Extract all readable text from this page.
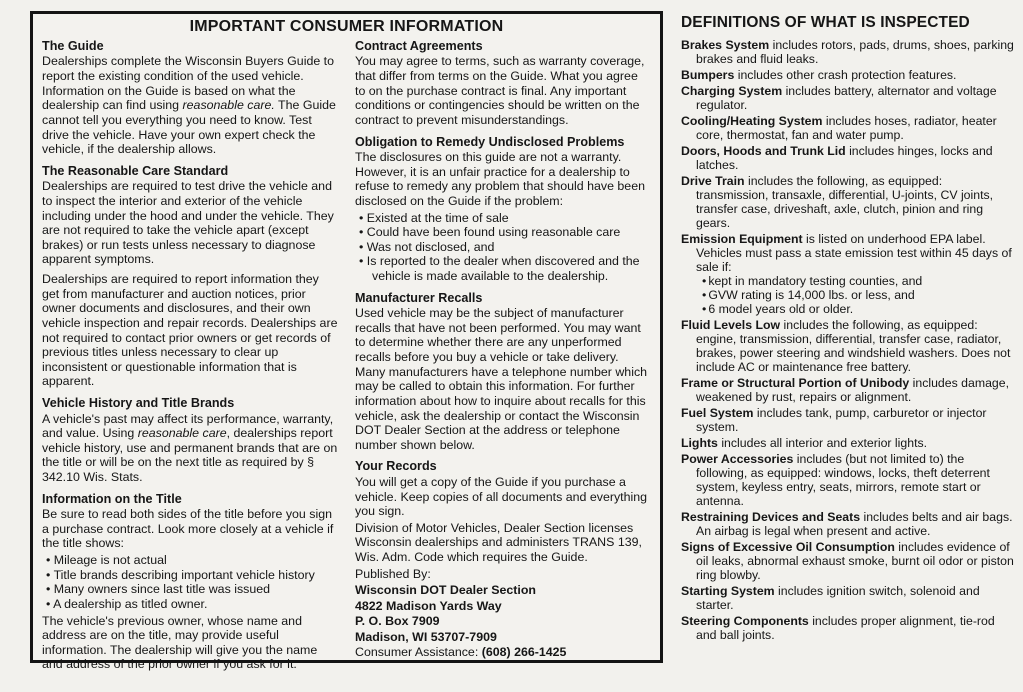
IMPORTANT CONSUMER INFORMATION
The Guide

Dealerships complete the Wisconsin Buyers Guide to report the existing condition of the used vehicle. Information on the Guide is based on what the dealership can find using reasonable care. The Guide cannot tell you everything you need to know. Test drive the vehicle. Have your own expert check the vehicle, if the dealership allows.

The Reasonable Care Standard

Dealerships are required to test drive the vehicle and to inspect the interior and exterior of the vehicle including under the hood and under the vehicle. They are not required to take the vehicle apart (except brakes) or run tests unless necessary to diagnose apparent symptoms.

Dealerships are required to report information they get from manufacturer and auction notices, prior owner documents and disclosures, and their own vehicle inspection and repair records. Dealerships are not required to contact prior owners or get records of previous titles unless necessary to clear up inconsistent or questionable information that is apparent.

Vehicle History and Title Brands

A vehicle's past may affect its performance, warranty, and value. Using reasonable care, dealerships report vehicle history, use and permanent brands that are on the title or will be on the next title as required by § 342.10 Wis. Stats.

Information on the Title

Be sure to read both sides of the title before you sign a purchase contract. Look more closely at a vehicle if the title shows:

• Mileage is not actual
• Title brands describing important vehicle history
• Many owners since last title was issued
• A dealership as titled owner.

The vehicle's previous owner, whose name and address are on the title, may provide useful information. The dealership will give you the name and address of the prior owner if you ask for it.

Contract Agreements

You may agree to terms, such as warranty coverage, that differ from terms on the Guide. What you agree to on the purchase contract is final. Any important conditions or contingencies should be written on the contract to prevent misunderstandings.

Obligation to Remedy Undisclosed Problems

The disclosures on this guide are not a warranty. However, it is an unfair practice for a dealership to refuse to remedy any problem that should have been disclosed on the Guide if the problem:

• Existed at the time of sale
• Could have been found using reasonable care
• Was not disclosed, and
• Is reported to the dealer when discovered and the vehicle is made available to the dealership.
Manufacturer Recalls

Used vehicle may be the subject of manufacturer recalls that have not been performed. You may want to determine whether there are any unperformed recalls before you buy a vehicle or take delivery. Many manufacturers have a telephone number which may be called to obtain this information. For further information about how to inquire about recalls for this vehicle, ask the dealership or contact the Wisconsin DOT Dealer Section at the address or telephone number shown below.

Your Records

You will get a copy of the Guide if you purchase a vehicle. Keep copies of all documents and everything you sign.

Division of Motor Vehicles, Dealer Section licenses Wisconsin dealerships and administers TRANS 139, Wis. Adm. Code which requires the Guide.

Published By:

Wisconsin DOT Dealer Section
4822 Madison Yards Way
P. O. Box 7909
Madison, WI 53707-7909

Consumer Assistance: (608) 266-1425

DEFINITIONS OF WHAT IS INSPECTED
Brakes System includes rotors, pads, drums, shoes, parking brakes and fluid leaks.
Bumpers includes other crash protection features.
Charging System includes battery, alternator and voltage regulator.
Cooling/Heating System includes hoses, radiator, heater core, thermostat, fan and water pump.
Doors, Hoods and Trunk Lid includes hinges, locks and latches.
Drive Train includes the following, as equipped: transmission, transaxle, differential, U-joints, CV joints, transfer case, driveshaft, axle, clutch, pinion and ring gears.
Emission Equipment is listed on underhood EPA label. Vehicles must pass a state emission test within 45 days of sale if:
• kept in mandatory testing counties, and
• GVW rating is 14,000 lbs. or less, and
• 6 model years old or older.
Fluid Levels Low includes the following, as equipped: engine, transmission, differential, transfer case, radiator, brakes, power steering and windshield washers. Does not include AC or maintenance free battery.
Frame or Structural Portion of Unibody includes damage, weakened by rust, repairs or alignment.
Fuel System includes tank, pump, carburetor or injector system.
Lights includes all interior and exterior lights.
Power Accessories includes (but not limited to) the following, as equipped: windows, locks, theft deterrent system, keyless entry, seats, mirrors, remote start or antenna.
Restraining Devices and Seats includes belts and air bags. An airbag is legal when present and active.
Signs of Excessive Oil Consumption includes evidence of oil leaks, abnormal exhaust smoke, burnt oil odor or piston ring blowby.
Starting System includes ignition switch, solenoid and starter.
Steering Components includes proper alignment, tie-rod and ball joints.
